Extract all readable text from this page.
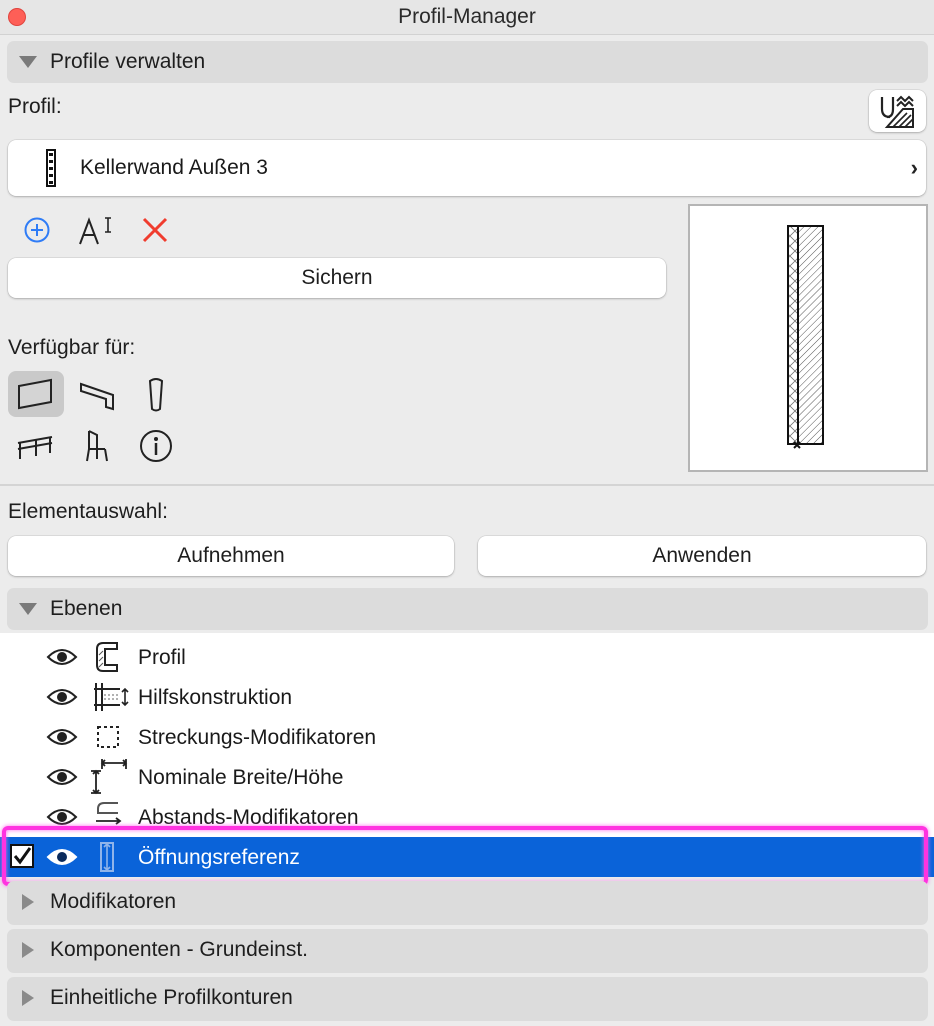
Profil-Manager
Profile verwalten
Profil:
Kellerwand Außen 3	›
Sichern
Verfügbar für:
Elementauswahl:
Aufnehmen	Anwenden
Ebenen
Profil
Hilfskonstruktion
Streckungs-Modifikatoren
Nominale Breite/Höhe
Abstands-Modifikatoren
Öffnungsreferenz
Modifikatoren
Komponenten - Grundeinst.
Einheitliche Profilkonturen
